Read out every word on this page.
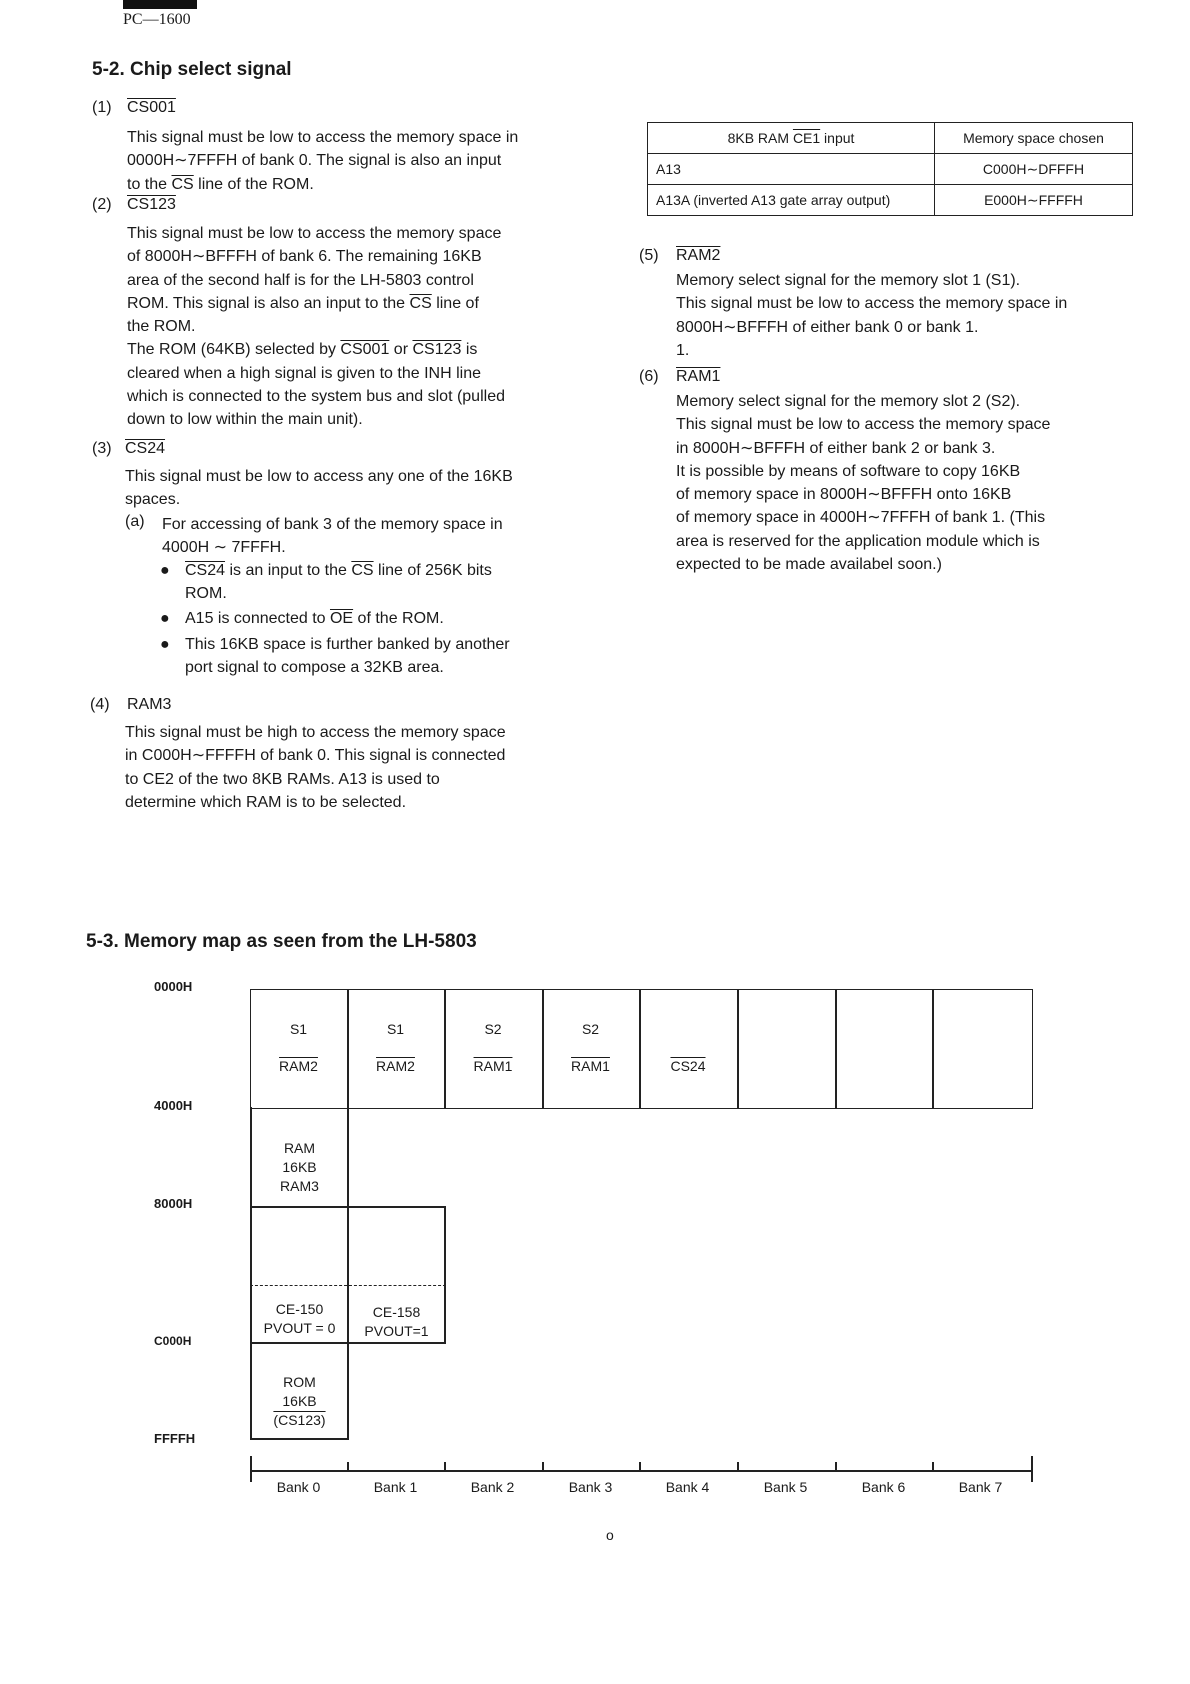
PC—1600
5-2. Chip select signal
(1) CS001
This signal must be low to access the memory space in
0000H∼7FFFH of bank 0. The signal is also an input
to the $\overline{CS}$ line of the ROM.
(2) CS123
This signal must be low to access the memory space
of 8000H∼BFFFH of bank 6. The remaining 16KB
area of the second half is for the LH-5803 control
ROM. This signal is also an input to the $\overline{CS}$ line of
the ROM.
The ROM (64KB) selected by CS001 or CS123 is
cleared when a high signal is given to the INH line
which is connected to the system bus and slot (pulled
down to low within the main unit).
(3) CS24
This signal must be low to access any one of the 16KB
spaces.
(a) For accessing of bank 3 of the memory space in
4000H ∼ 7FFFH.
● CS24 is an input to the $\overline{CS}$ line of 256K bits
ROM.
● A15 is connected to $\overline{OE}$ of the ROM.
● This 16KB space is further banked by another
port signal to compose a 32KB area.
(4) RAM3
This signal must be high to access the memory space
in C000H∼FFFFH of bank 0. This signal is connected
to CE2 of the two 8KB RAMs. A13 is used to
determine which RAM is to be selected.
8KB RAM CE1 input	Memory space chosen
A13	C000H∼DFFFH
A13A (inverted A13 gate array output)	E000H∼FFFFH
(5) RAM2
Memory select signal for the memory slot 1 (S1).
This signal must be low to access the memory space in
8000H∼BFFFH of either bank 0 or bank 1.
1.
(6) RAM1
Memory select signal for the memory slot 2 (S2).
This signal must be low to access the memory space
in 8000H∼BFFFH of either bank 2 or bank 3.
It is possible by means of software to copy 16KB
of memory space in 8000H∼BFFFH onto 16KB
of memory space in 4000H∼7FFFH of bank 1. (This
area is reserved for the application module which is
expected to be made availabel soon.)
5-3. Memory map as seen from the LH-5803
0000H
4000H
8000H
C000H
FFFFH
S1
RAM2
S1
RAM2
S2
RAM1
S2
RAM1	CS24
RAM
16KB
RAM3
CE-150
PVOUT = 0
CE-158
PVOUT=1
ROM
16KB
(CS123)
Bank 0	Bank 1	Bank 2	Bank 3	Bank 4	Bank 5	Bank 6	Bank 7
o
